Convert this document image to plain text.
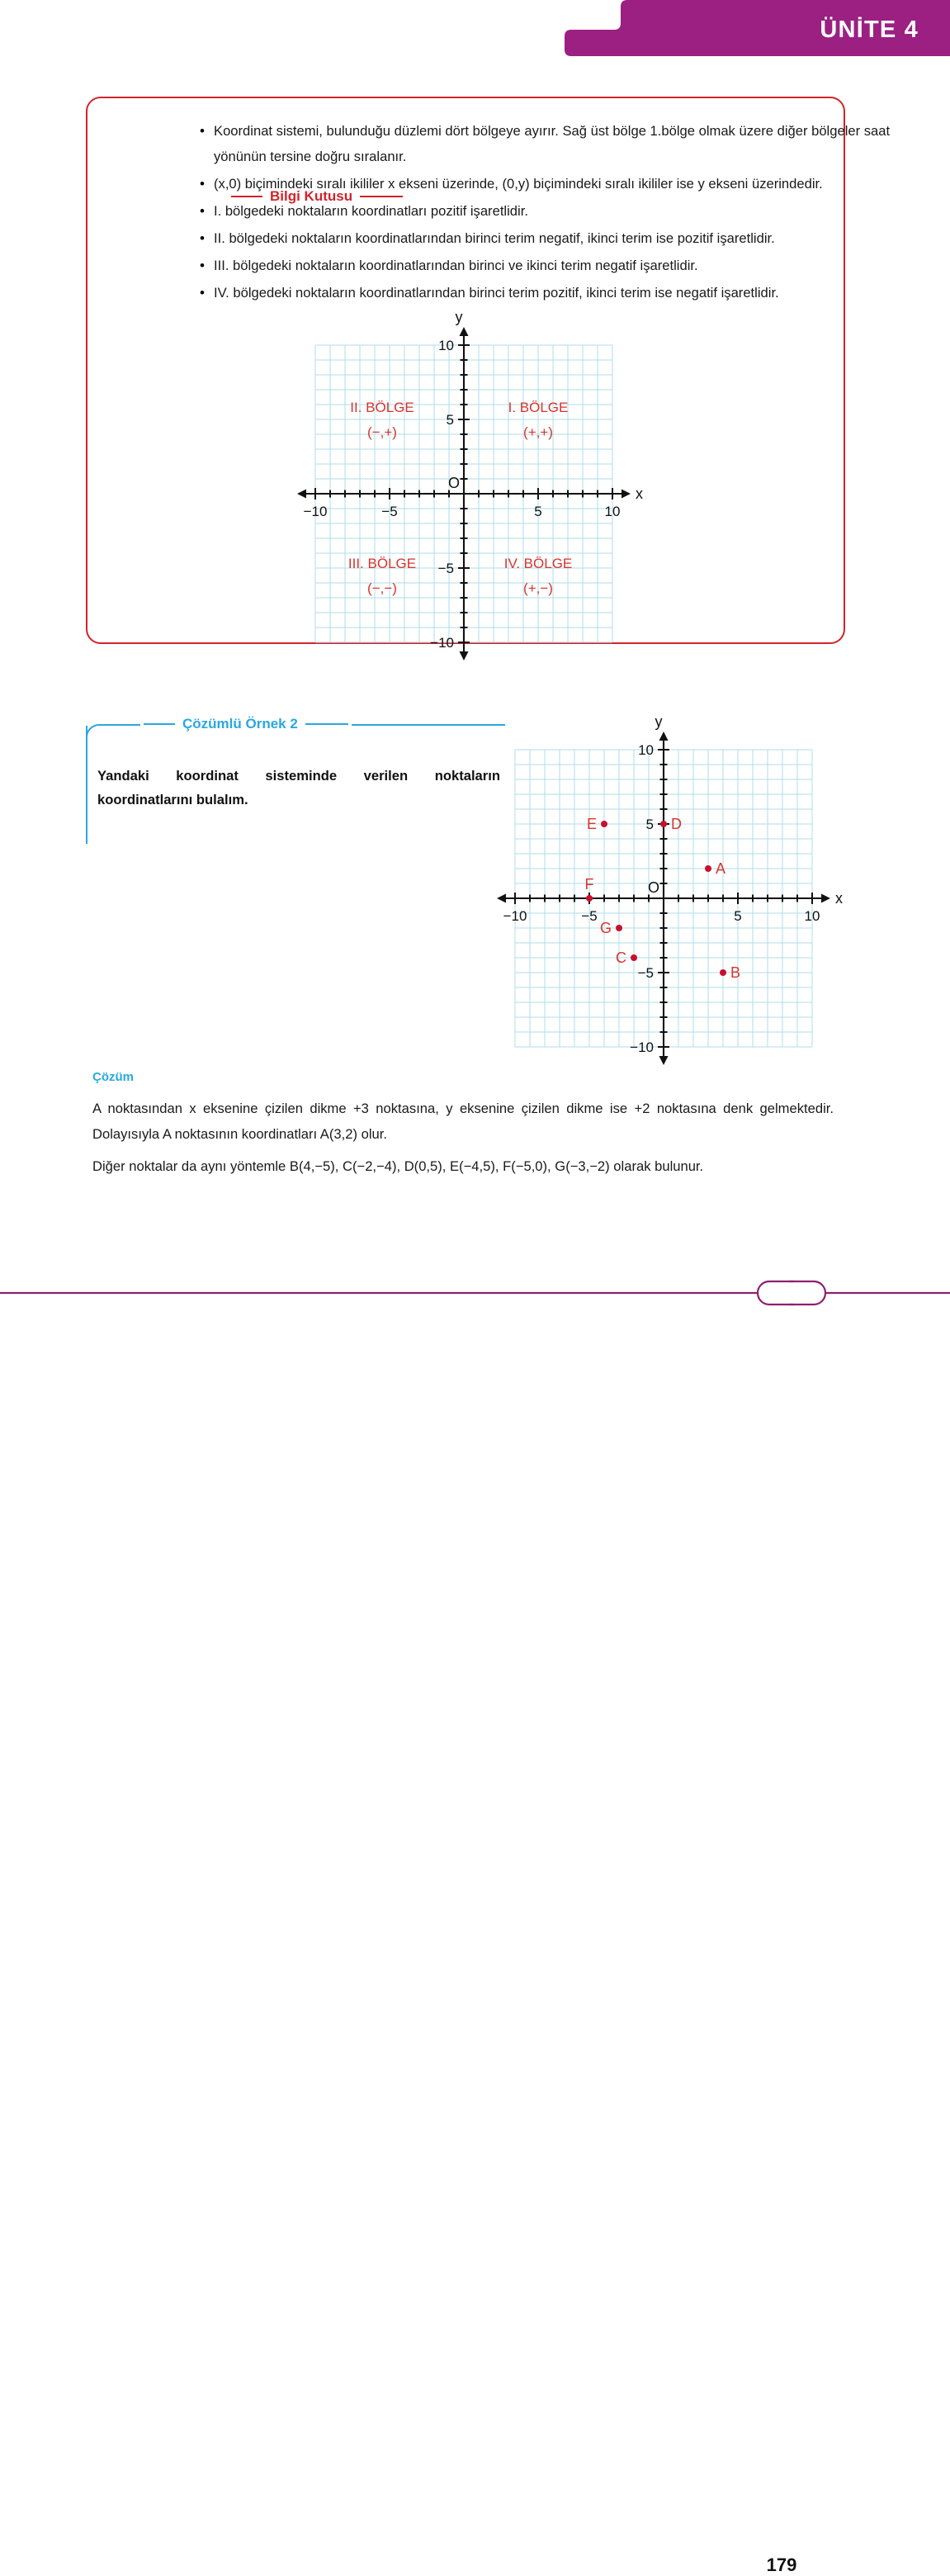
ÜNİTE 4
Bilgi Kutusu
• Koordinat sistemi, bulunduğu düzlemi dört bölgeye ayırır. Sağ üst bölge 1.bölge olmak üzere diğer bölgeler saat yönünün tersine doğru sıralanır.
• (x,0) biçimindeki sıralı ikililer x ekseni üzerinde, (0,y) biçimindeki sıralı ikililer ise y ekseni üzerindedir.
• I. bölgedeki noktaların koordinatları pozitif işaretlidir.
• II. bölgedeki noktaların koordinatlarından birinci terim negatif, ikinci terim ise pozitif işaretlidir.
• III. bölgedeki noktaların koordinatlarından birinci ve ikinci terim negatif işaretlidir.
• IV. bölgedeki noktaların koordinatlarından birinci terim pozitif, ikinci terim ise negatif işaretlidir.
−10	−5	5	10
−10
−5
5
10
x
y
O
II. BÖLGE
(−,+)
I. BÖLGE
(+,+)
III. BÖLGE
(−,−)
IV. BÖLGE
(+,−)
Çözümlü Örnek 2
Yandaki koordinat sisteminde verilen noktaların koordinatlarını bulalım.
−10	−5	5	10
−10
−5
5
10
x
y
O
A
B
C
D
E
F
G
Çözüm

A noktasından x eksenine çizilen dikme +3 noktasına, y eksenine çizilen dikme ise +2 noktasına denk gelmektedir. Dolayısıyla A noktasının koordinatları A(3,2) olur.

Diğer noktalar da aynı yöntemle B(4,−5), C(−2,−4), D(0,5), E(−4,5), F(−5,0), G(−3,−2) olarak bulunur.

179
